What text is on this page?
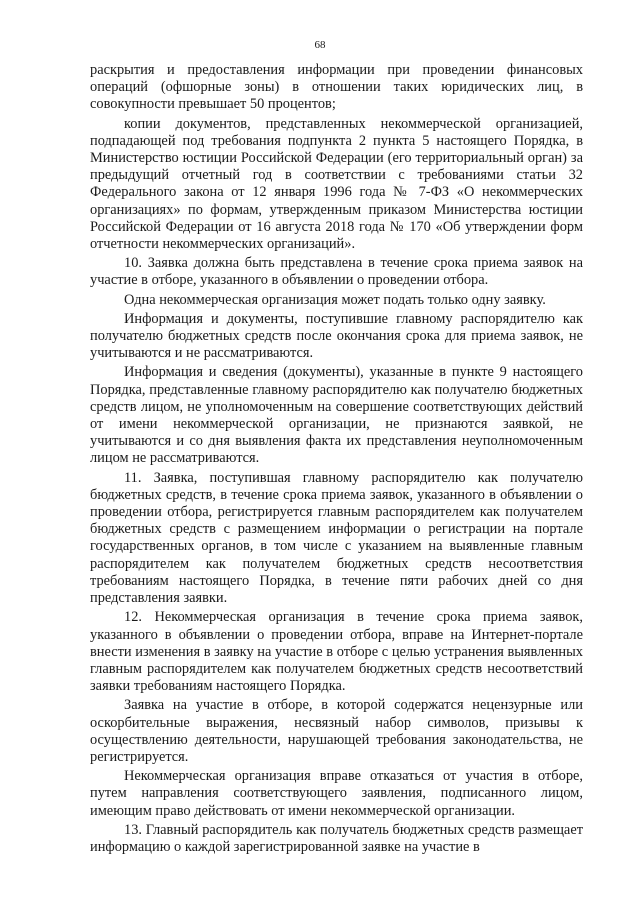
68

раскрытия и предоставления информации при проведении финансовых операций (офшорные зоны) в отношении таких юридических лиц, в совокупности превышает 50 процентов;

копии документов, представленных некоммерческой организацией, подпадающей под требования подпункта 2 пункта 5 настоящего Порядка, в Министерство юстиции Российской Федерации (его территориальный орган) за предыдущий отчетный год в соответствии с требованиями статьи 32 Федерального закона от 12 января 1996 года № 7-ФЗ «О некоммерческих организациях» по формам, утвержденным приказом Министерства юстиции Российской Федерации от 16 августа 2018 года № 170 «Об утверждении форм отчетности некоммерческих организаций».

10. Заявка должна быть представлена в течение срока приема заявок на участие в отборе, указанного в объявлении о проведении отбора.

Одна некоммерческая организация может подать только одну заявку.

Информация и документы, поступившие главному распорядителю как получателю бюджетных средств после окончания срока для приема заявок, не учитываются и не рассматриваются.

Информация и сведения (документы), указанные в пункте 9 настоящего Порядка, представленные главному распорядителю как получателю бюджетных средств лицом, не уполномоченным на совершение соответствующих действий от имени некоммерческой организации, не признаются заявкой, не учитываются и со дня выявления факта их представления неуполномоченным лицом не рассматриваются.

11. Заявка, поступившая главному распорядителю как получателю бюджетных средств, в течение срока приема заявок, указанного в объявлении о проведении отбора, регистрируется главным распорядителем как получателем бюджетных средств с размещением информации о регистрации на портале государственных органов, в том числе с указанием на выявленные главным распорядителем как получателем бюджетных средств несоответствия требованиям настоящего Порядка, в течение пяти рабочих дней со дня представления заявки.

12. Некоммерческая организация в течение срока приема заявок, указанного в объявлении о проведении отбора, вправе на Интернет-портале внести изменения в заявку на участие в отборе с целью устранения выявленных главным распорядителем как получателем бюджетных средств несоответствий заявки требованиям настоящего Порядка.

Заявка на участие в отборе, в которой содержатся нецензурные или оскорбительные выражения, несвязный набор символов, призывы к осуществлению деятельности, нарушающей требования законодательства, не регистрируется.

Некоммерческая организация вправе отказаться от участия в отборе, путем направления соответствующего заявления, подписанного лицом, имеющим право действовать от имени некоммерческой организации.

13. Главный распорядитель как получатель бюджетных средств размещает информацию о каждой зарегистрированной заявке на участие в
